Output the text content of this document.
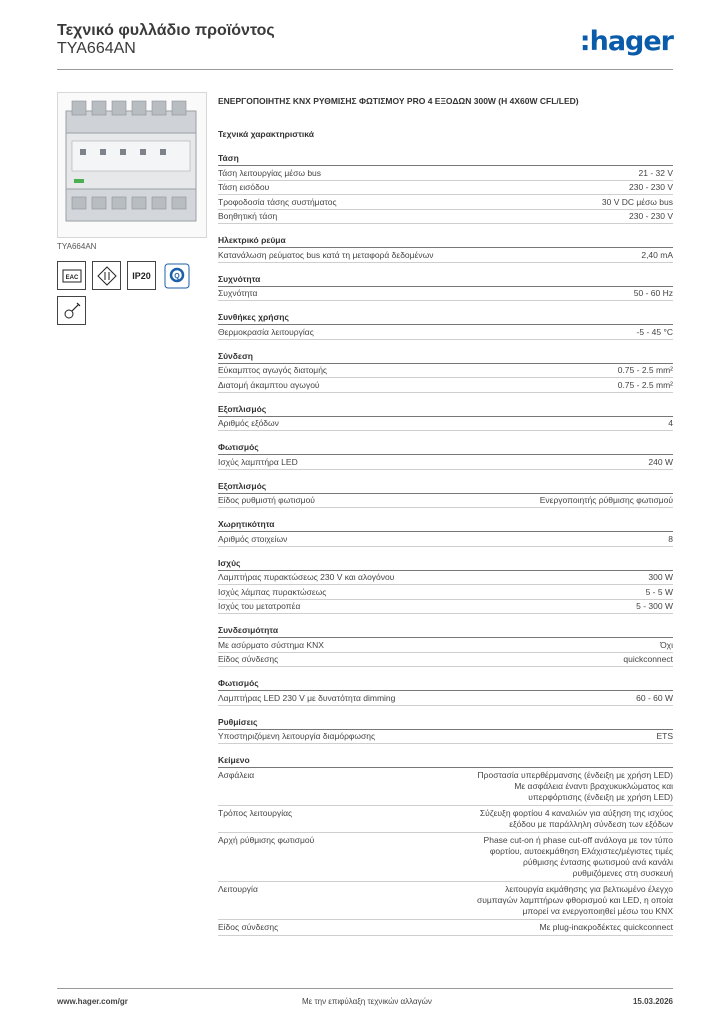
Τεχνικό φυλλάδιο προϊόντος
TYA664AN	:hager
TYA664AN
EAC	IP20	Q
ΕΝΕΡΓΟΠΟΙΗΤΗΣ KNX ΡΥΘΜΙΣΗΣ ΦΩΤΙΣΜΟΥ PRO 4 ΕΞΟΔΩΝ 300W (Η 4X60W CFL/LED)
Τεχνικά χαρακτηριστικά
Τάση
Τάση λειτουργίας μέσω bus	21 - 32 V
Τάση εισόδου	230 - 230 V
Τροφοδοσία τάσης συστήματος	30 V DC μέσω bus
Βοηθητική τάση	230 - 230 V
Ηλεκτρικό ρεύμα
Κατανάλωση ρεύματος bus κατά τη μεταφορά δεδομένων	2,40 mA
Συχνότητα
Συχνότητα	50 - 60 Hz
Συνθήκες χρήσης
Θερμοκρασία λειτουργίας	-5 - 45 °C
Σύνδεση
Εύκαμπτος αγωγός διατομής	0.75 - 2.5 mm²
Διατομή άκαμπτου αγωγού	0.75 - 2.5 mm²
Εξοπλισμός
Αριθμός εξόδων	4
Φωτισμός
Ισχύς λαμπτήρα LED	240 W
Εξοπλισμός
Είδος ρυθμιστή φωτισμού	Ενεργοποιητής ρύθμισης φωτισμού
Χωρητικότητα
Αριθμός στοιχείων	8
Ισχύς
Λαμπτήρας πυρακτώσεως 230 V και αλογόνου	300 W
Ισχύς λάμπας πυρακτώσεως	5 - 5 W
Ισχύς του μετατροπέα	5 - 300 W
Συνδεσιμότητα
Με ασύρματο σύστημα KNX	Όχι
Είδος σύνδεσης	quickconnect
Φωτισμός
Λαμπτήρας LED 230 V με δυνατότητα dimming	60 - 60 W
Ρυθμίσεις
Υποστηριζόμενη λειτουργία διαμόρφωσης	ETS
Κείμενο
Ασφάλεια	Προστασία υπερθέρμανσης (ένδειξη με χρήση LED)
Με ασφάλεια έναντι βραχυκυκλώματος και υπερφόρτισης (ένδειξη με χρήση LED)
Τρόπος λειτουργίας	Σύζευξη φορτίου 4 καναλιών για αύξηση της ισχύος εξόδου με παράλληλη σύνδεση των εξόδων
Αρχή ρύθμισης φωτισμού	Phase cut-on ή phase cut-off ανάλογα με τον τύπο φορτίου, αυτοεκμάθηση Ελάχιστες/μέγιστες τιμές ρύθμισης έντασης φωτισμού ανά κανάλι ρυθμιζόμενες στη συσκευή
Λειτουργία	λειτουργία εκμάθησης για βελτιωμένο έλεγχο συμπαγών λαμπτήρων φθορισμού και LED, η οποία μπορεί να ενεργοποιηθεί μέσω του KNX
Είδος σύνδεσης	Με plug-inακροδέκτες quickconnect
www.hager.com/gr	Με την επιφύλαξη τεχνικών αλλαγών	15.03.2026
